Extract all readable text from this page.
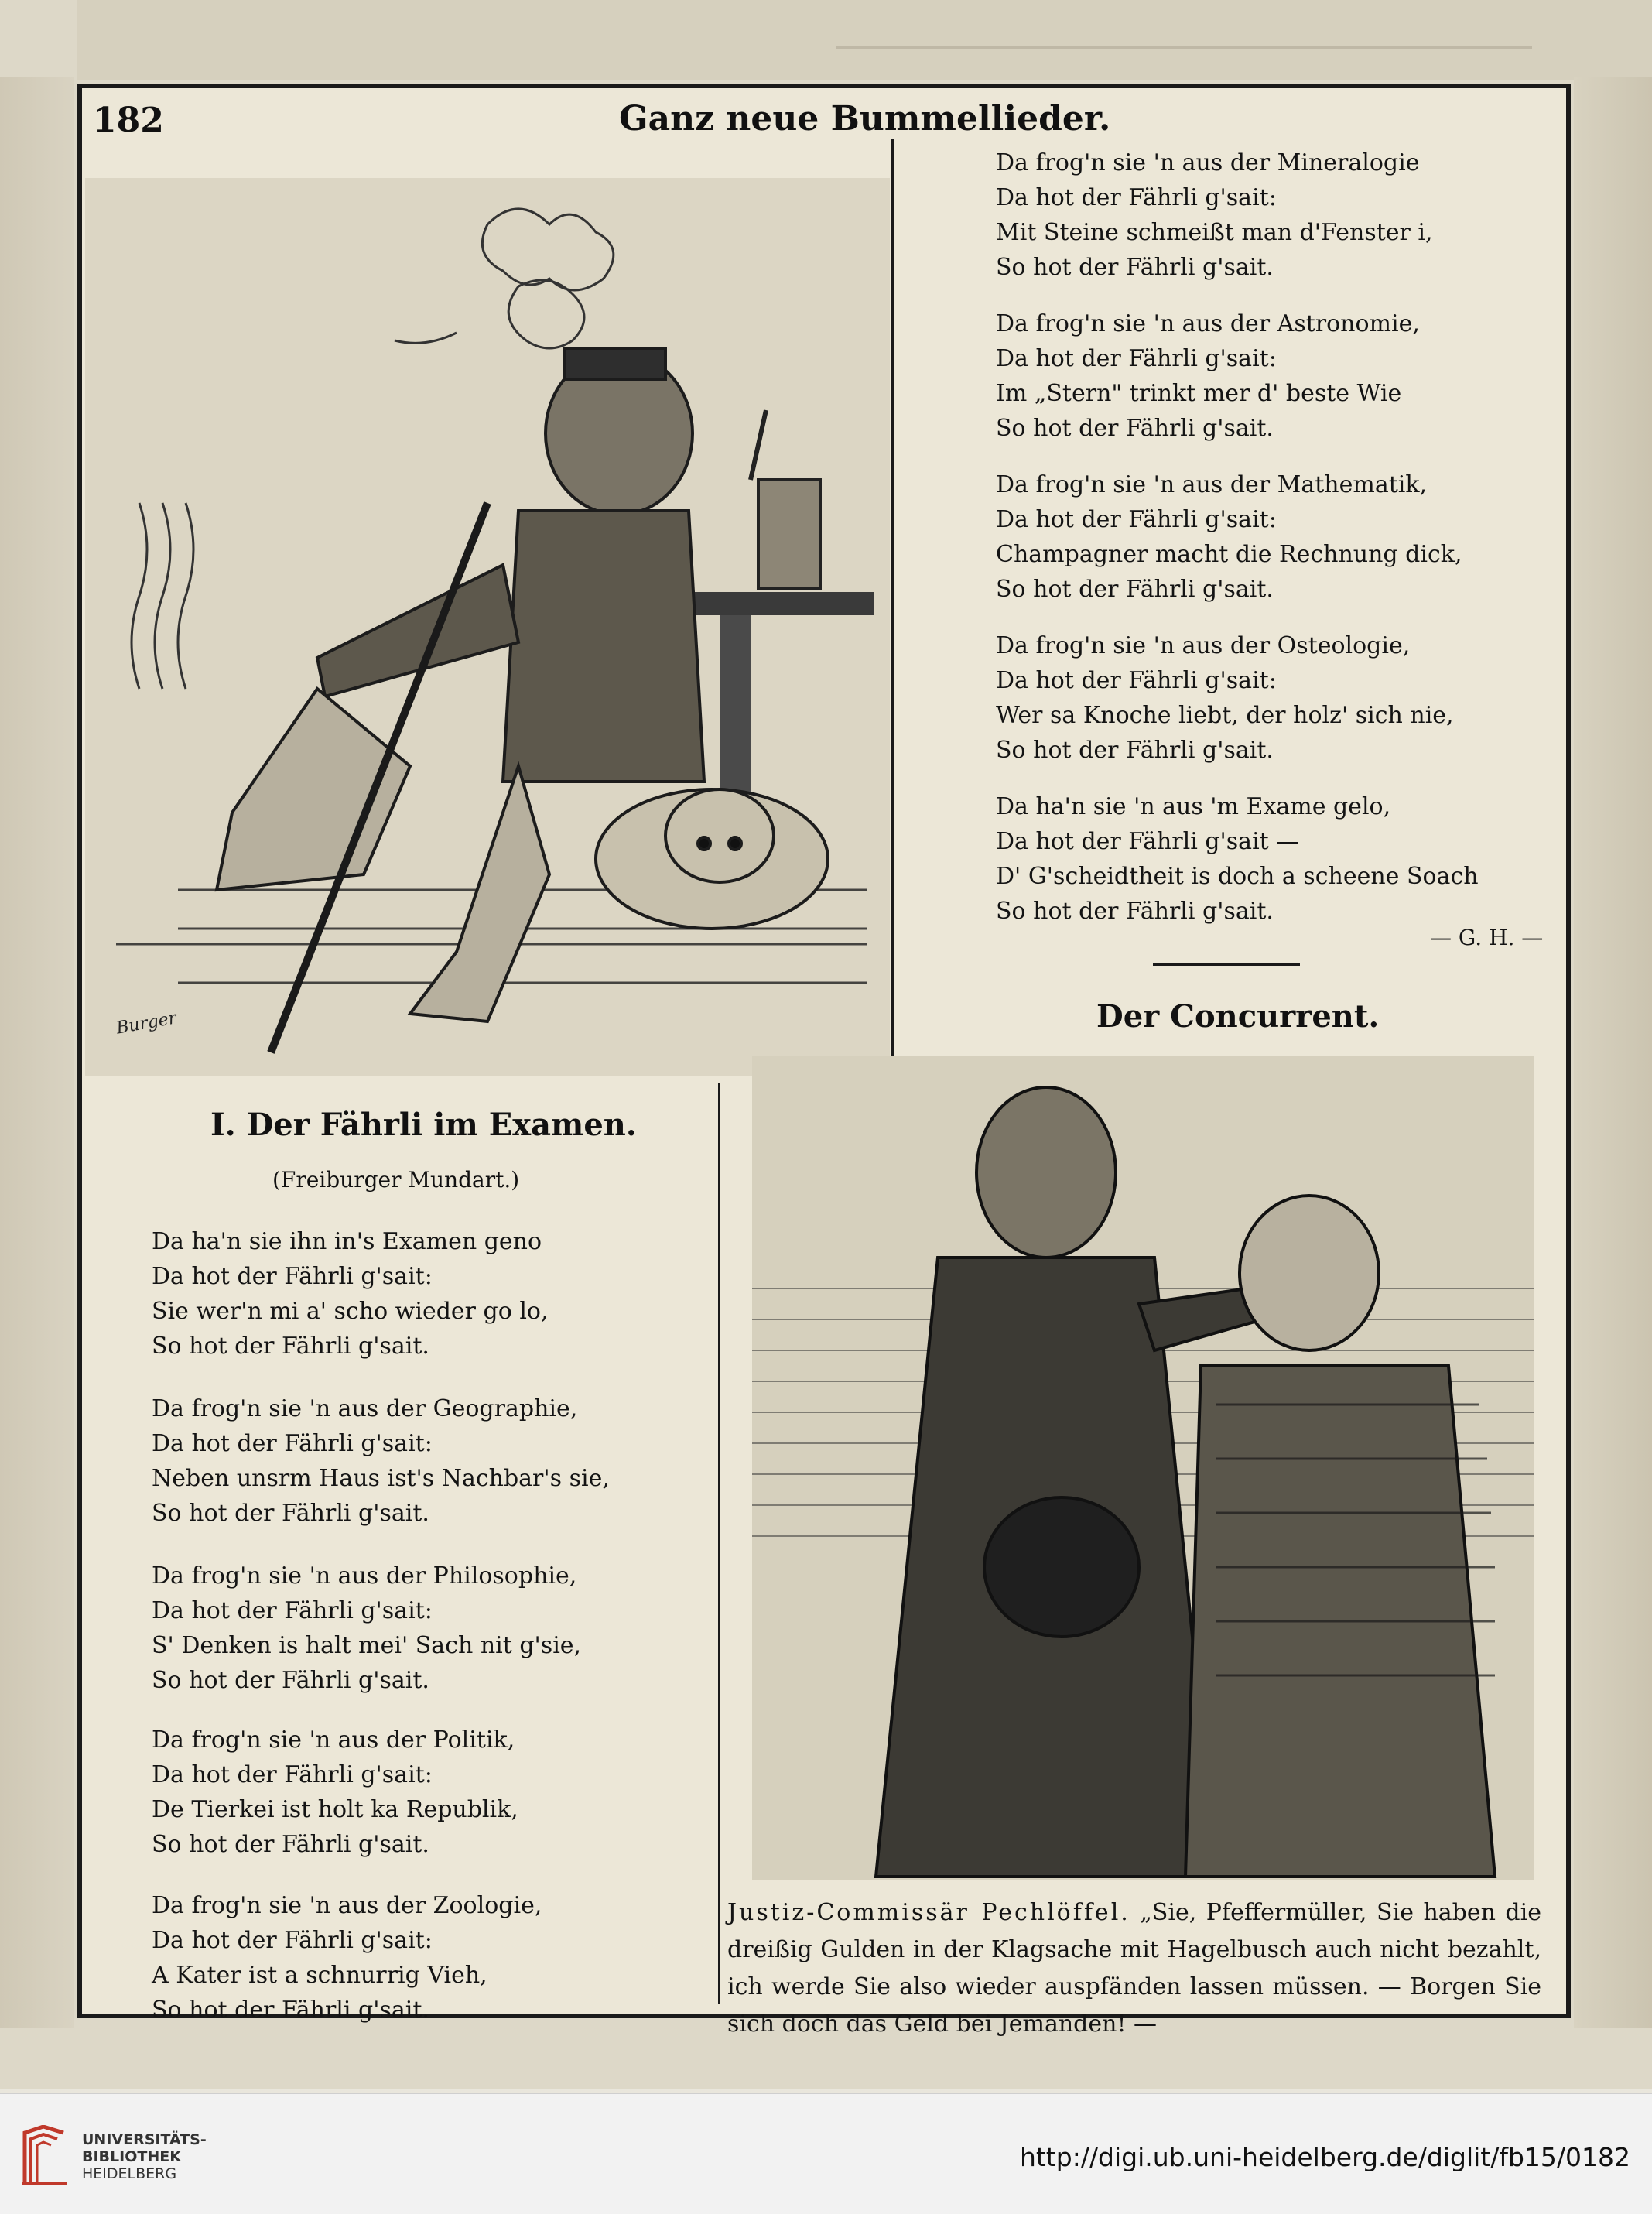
182	Ganz neue Bummellieder.
Burger
Da frog'n sie 'n aus der Mineralogie
Da hot der Fährli g'sait:
Mit Steine schmeißt man d'Fenster i,
So hot der Fährli g'sait.
Da frog'n sie 'n aus der Astronomie,
Da hot der Fährli g'sait:
Im „Stern" trinkt mer d' beste Wie
So hot der Fährli g'sait.
Da frog'n sie 'n aus der Mathematik,
Da hot der Fährli g'sait:
Champagner macht die Rechnung dick,
So hot der Fährli g'sait.
Da frog'n sie 'n aus der Osteologie,
Da hot der Fährli g'sait:
Wer sa Knoche liebt, der holz' sich nie,
So hot der Fährli g'sait.
Da ha'n sie 'n aus 'm Exame gelo,
Da hot der Fährli g'sait —
D' G'scheidtheit is doch a scheene Soach
So hot der Fährli g'sait.
— G. H. —
Der Concurrent.
I. Der Fährli im Examen.
(Freiburger Mundart.)
Da ha'n sie ihn in's Examen geno
Da hot der Fährli g'sait:
Sie wer'n mi a' scho wieder go lo,
So hot der Fährli g'sait.
Da frog'n sie 'n aus der Geographie,
Da hot der Fährli g'sait:
Neben unsrm Haus ist's Nachbar's sie,
So hot der Fährli g'sait.
Da frog'n sie 'n aus der Philosophie,
Da hot der Fährli g'sait:
S' Denken is halt mei' Sach nit g'sie,
So hot der Fährli g'sait.
Da frog'n sie 'n aus der Politik,
Da hot der Fährli g'sait:
De Tierkei ist holt ka Republik,
So hot der Fährli g'sait.
Da frog'n sie 'n aus der Zoologie,
Da hot der Fährli g'sait:
A Kater ist a schnurrig Vieh,
So hot der Fährli g'sait.
Justiz-Commissär Pechlöffel. „Sie, Pfeffermüller, Sie haben die dreißig Gulden in der Klagsache mit Hagelbusch auch nicht bezahlt, ich werde Sie also wieder auspfänden lassen müssen. — Borgen Sie sich doch das Geld bei Jemanden! —
UNIVERSITÄTS-
BIBLIOTHEK
HEIDELBERG
http://digi.ub.uni-heidelberg.de/diglit/fb15/0182
